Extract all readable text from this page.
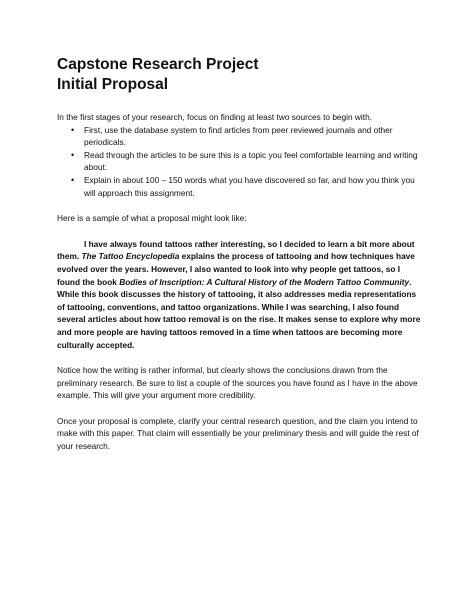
Capstone Research Project
Initial Proposal

In the first stages of your research, focus on finding at least two sources to begin with.

• First, use the database system to find articles from peer reviewed journals and other periodicals.
• Read through the articles to be sure this is a topic you feel comfortable learning and writing about.
• Explain in about 100 – 150 words what you have discovered so far, and how you think you will approach this assignment.

Here is a sample of what a proposal might look like:

I have always found tattoos rather interesting, so I decided to learn a bit more about them. The Tattoo Encyclopedia explains the process of tattooing and how techniques have evolved over the years. However, I also wanted to look into why people get tattoos, so I found the book Bodies of Inscription: A Cultural History of the Modern Tattoo Community. While this book discusses the history of tattooing, it also addresses media representations of tattooing, conventions, and tattoo organizations. While I was searching, I also found several articles about how tattoo removal is on the rise. It makes sense to explore why more and more people are having tattoos removed in a time when tattoos are becoming more culturally accepted.

Notice how the writing is rather informal, but clearly shows the conclusions drawn from the preliminary research. Be sure to list a couple of the sources you have found as I have in the above example. This will give your argument more credibility.

Once your proposal is complete, clarify your central research question, and the claim you intend to make with this paper. That claim will essentially be your preliminary thesis and will guide the rest of your research.
